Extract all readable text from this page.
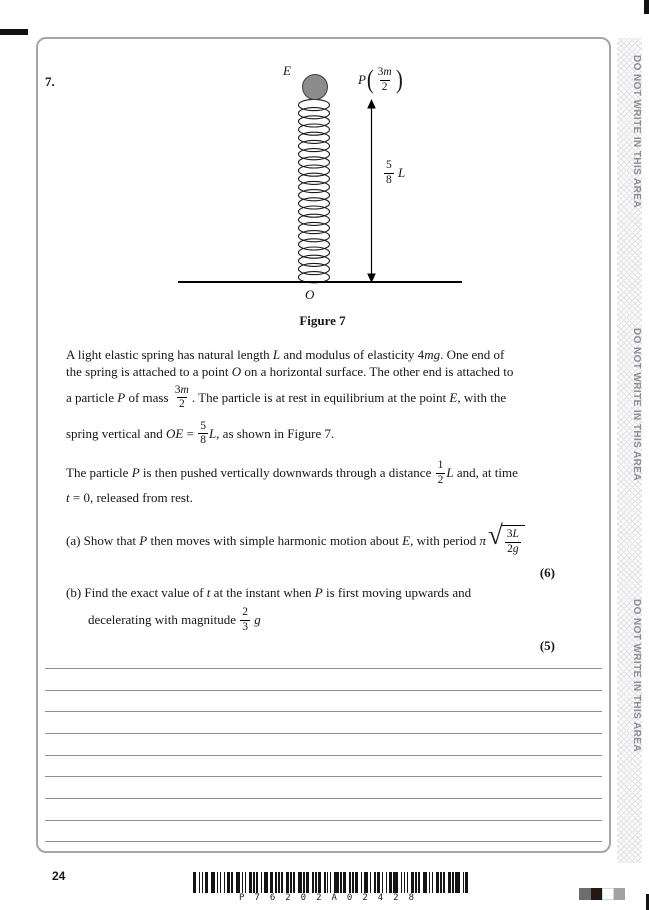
7.
E
O
$\frac{5}{8}$
L
P ( $\frac{3m}{2}$ )
Figure 7
A light elastic spring has natural length L and modulus of elasticity 4 mg . One end of
the spring is attached to a point O on a horizontal surface. The other end is attached to
a particle P of mass $\frac{3m}{2}$ . The particle is at rest in equilibrium at the point E , with the
spring vertical and OE = $\frac{5}{8}$ L , as shown in Figure 7.
The particle P is then pushed vertically downwards through a distance $\frac{1}{2}$ L and, at time
t = 0, released from rest.
(a) Show that P then moves with simple harmonic motion about E , with period π √ $\frac{3L}{2g}$
(6)
(b) Find the exact value of t at the instant when P is first moving upwards and
decelerating with magnitude $\frac{2}{3}$
g
(5)
24
P76202A02428
DO NOT WRITE IN THIS AREA
DO NOT WRITE IN THIS AREA
DO NOT WRITE IN THIS AREA
